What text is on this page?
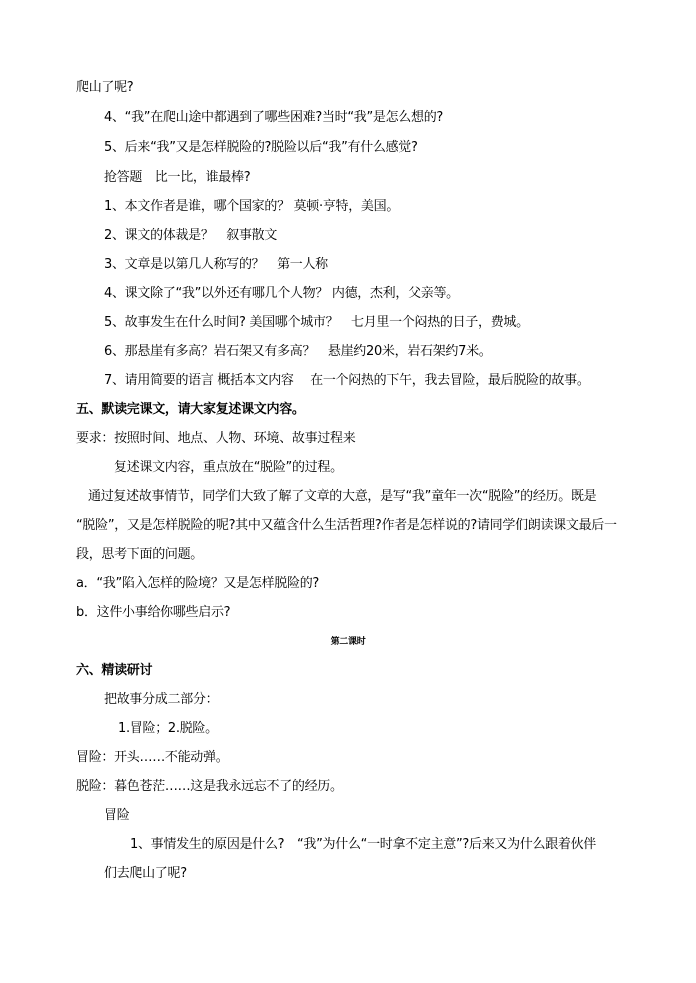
爬山了呢?
4、“我”在爬山途中都遇到了哪些困难?当时“我”是怎么想的?
5、后来“我”又是怎样脱险的?脱险以后“我”有什么感觉?
抢答题　比一比，谁最棒?
1、本文作者是谁，哪个国家的？ 莫顿·亨特，美国。
2、课文的体裁是？　叙事散文
3、文章是以第几人称写的？　第一人称
4、课文除了“我”以外还有哪几个人物？ 内德，杰利，父亲等。
5、故事发生在什么时间? 美国哪个城市？　七月里一个闷热的日子，费城。
6、那悬崖有多高？岩石架又有多高？　悬崖约20米，岩石架约7米。
7、请用简要的语言 概括本文内容　 在一个闷热的下午，我去冒险，最后脱险的故事。
五、默读完课文，请大家复述课文内容。
要求：按照时间、地点、人物、环境、故事过程来
复述课文内容，重点放在“脱险”的过程。
通过复述故事情节，同学们大致了解了文章的大意，是写“我”童年一次“脱险”的经历。既是
“脱险”，又是怎样脱险的呢?其中又蕴含什么生活哲理?作者是怎样说的?请同学们朗读课文最后一
段，思考下面的问题。
a．“我”陷入怎样的险境？又是怎样脱险的?
b．这件小事给你哪些启示?
第二课时
六、精读研讨
把故事分成二部分：
1.冒险；2.脱险。
冒险：开头……不能动弹。
脱险：暮色苍茫……这是我永远忘不了的经历。
冒险
1、事情发生的原因是什么?　“我”为什么“一时拿不定主意”?后来又为什么跟着伙伴
们去爬山了呢?
